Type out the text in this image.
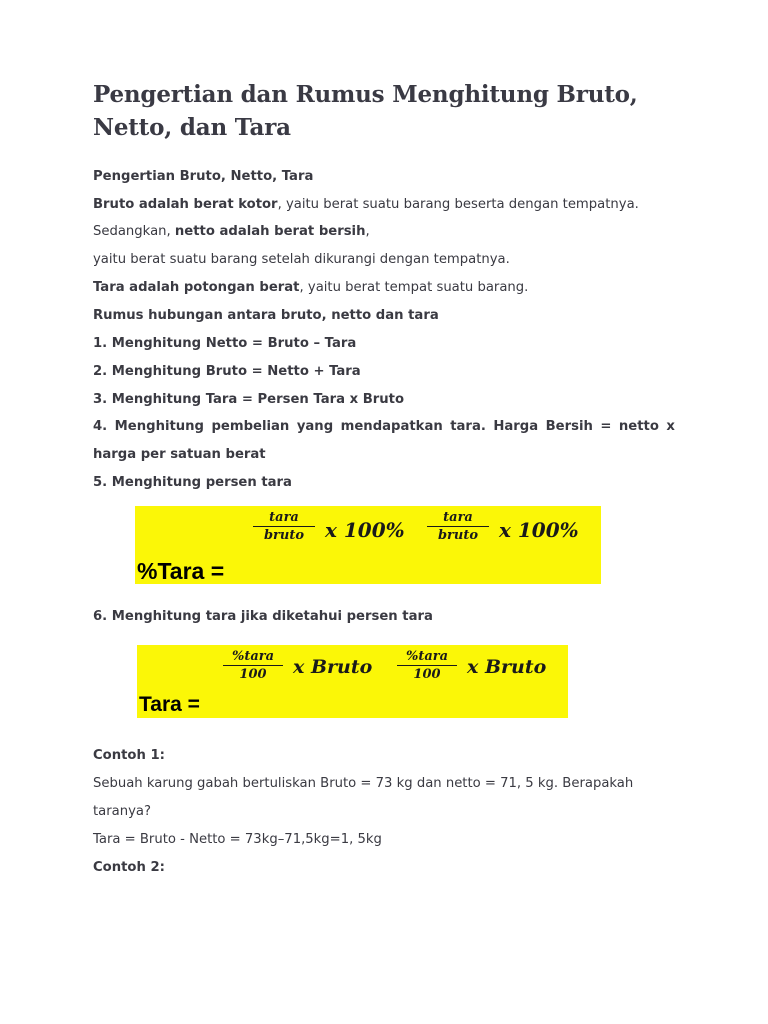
Pengertian dan Rumus Menghitung Bruto, Netto, dan Tara
Pengertian Bruto, Netto, Tara
Bruto adalah berat kotor, yaitu berat suatu barang beserta dengan tempatnya.
Sedangkan, netto adalah berat bersih,
yaitu berat suatu barang setelah dikurangi dengan tempatnya.
Tara adalah potongan berat, yaitu berat tempat suatu barang.
Rumus hubungan antara bruto, netto dan tara
1. Menghitung Netto = Bruto – Tara
2. Menghitung Bruto = Netto + Tara
3. Menghitung Tara = Persen Tara x Bruto
4. Menghitung pembelian yang mendapatkan tara. Harga Bersih = netto x
harga per satuan berat
5. Menghitung persen tara
tara
bruto	x 100%
tara
bruto	x 100%
%Tara =
6. Menghitung tara jika diketahui persen tara
%tara
100	x Bruto	%tara
100	x Bruto
Tara =
Contoh 1:
Sebuah karung gabah bertuliskan Bruto = 73 kg dan netto = 71, 5 kg. Berapakah
taranya?
Tara = Bruto - Netto = 73kg–71,5kg=1, 5kg
Contoh 2:
